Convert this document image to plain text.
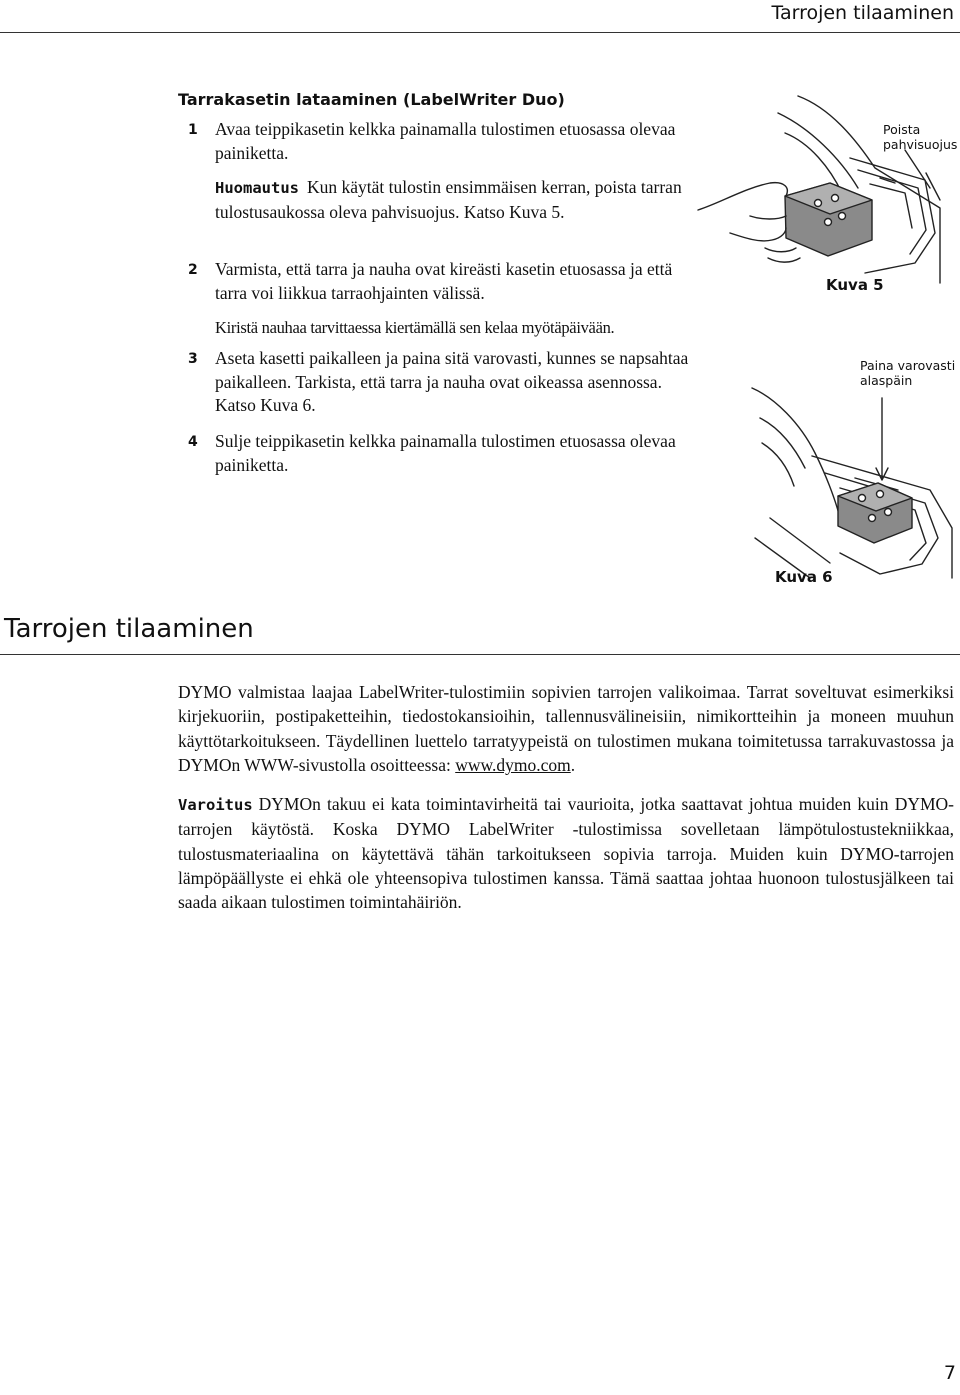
Tarrojen tilaaminen
Tarrakasetin lataaminen (LabelWriter Duo)
1 Avaa teippikasetin kelkka painamalla tulostimen etuosassa olevaa painiketta.
Huomautus Kun käytät tulostin ensimmäisen kerran, poista tarran tulostusaukossa oleva pahvisuojus. Katso Kuva 5.
2 Varmista, että tarra ja nauha ovat kireästi kasetin etuosassa ja että tarra voi liikkua tarraohjainten välissä.
Kiristä nauhaa tarvittaessa kiertämällä sen kelaa myötäpäivään.
3 Aseta kasetti paikalleen ja paina sitä varovasti, kunnes se napsahtaa paikalleen. Tarkista, että tarra ja nauha ovat oikeassa asennossa. Katso Kuva 6.
4 Sulje teippikasetin kelkka painamalla tulostimen etuosassa olevaa painiketta.
Poista
pahvisuojus
Kuva 5
Paina varovasti
alaspäin
Kuva 6
Tarrojen tilaaminen
DYMO valmistaa laajaa LabelWriter-tulostimiin sopivien tarrojen valikoimaa. Tarrat soveltuvat esimerkiksi kirjekuoriin, postipaketteihin, tiedostokansioihin, tallennusvälineisiin, nimikortteihin ja moneen muuhun käyttötarkoitukseen. Täydellinen luettelo tarratyypeistä on tulostimen mukana toimitetussa tarrakuvastossa ja DYMOn WWW-sivustolla osoitteessa: www.dymo.com.
Varoitus DYMOn takuu ei kata toimintavirheitä tai vaurioita, jotka saattavat johtua muiden kuin DYMO-tarrojen käytöstä. Koska DYMO LabelWriter -tulostimissa sovelletaan lämpötulostustekniikkaa, tulostusmateriaalina on käytettävä tähän tarkoitukseen sopivia tarroja. Muiden kuin DYMO-tarrojen lämpöpäällyste ei ehkä ole yhteensopiva tulostimen kanssa. Tämä saattaa johtaa huonoon tulostusjälkeen tai saada aikaan tulostimen toimintahäiriön.
7
